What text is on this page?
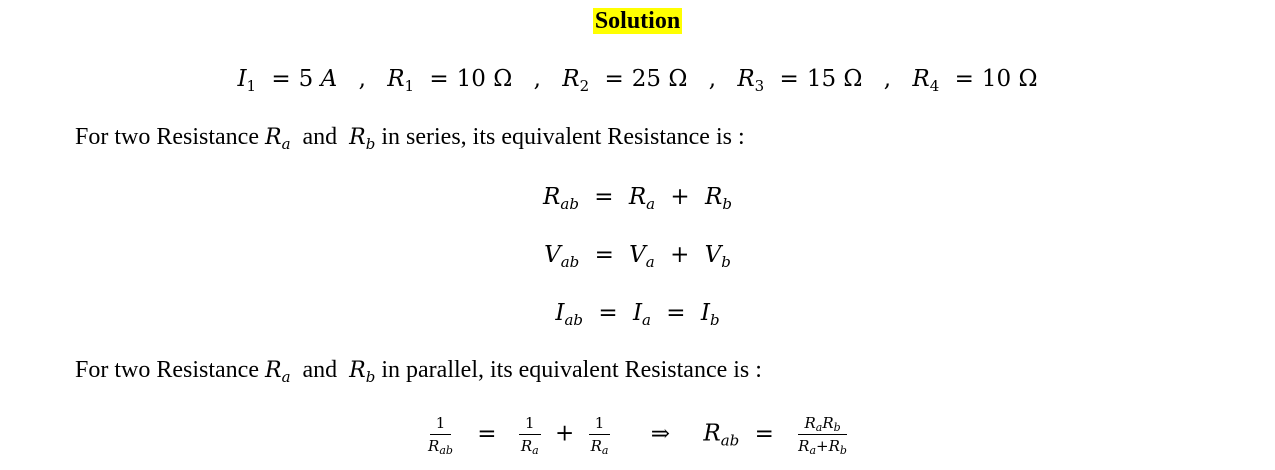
Solution
$I_1 = 5$ A , $R_1 = 10$ Ω , $R_2 = 25$ Ω , $R_3 = 15$ Ω , $R_4 = 10$ Ω
For two Resistance $R_a$ and $R_b$ in series, its equivalent Resistance is :
$R_{ab} = R_a + R_b$
$V_{ab} = V_a + V_b$
$I_{ab} = I_a = I_b$
For two Resistance $R_a$ and $R_b$ in parallel, its equivalent Resistance is :
$\frac{1}{R_{ab}} = \frac{1}{R_a} + \frac{1}{R_a}$ ⇒ $R_{ab} = \frac{R_aR_b}{R_a+R_b}$
